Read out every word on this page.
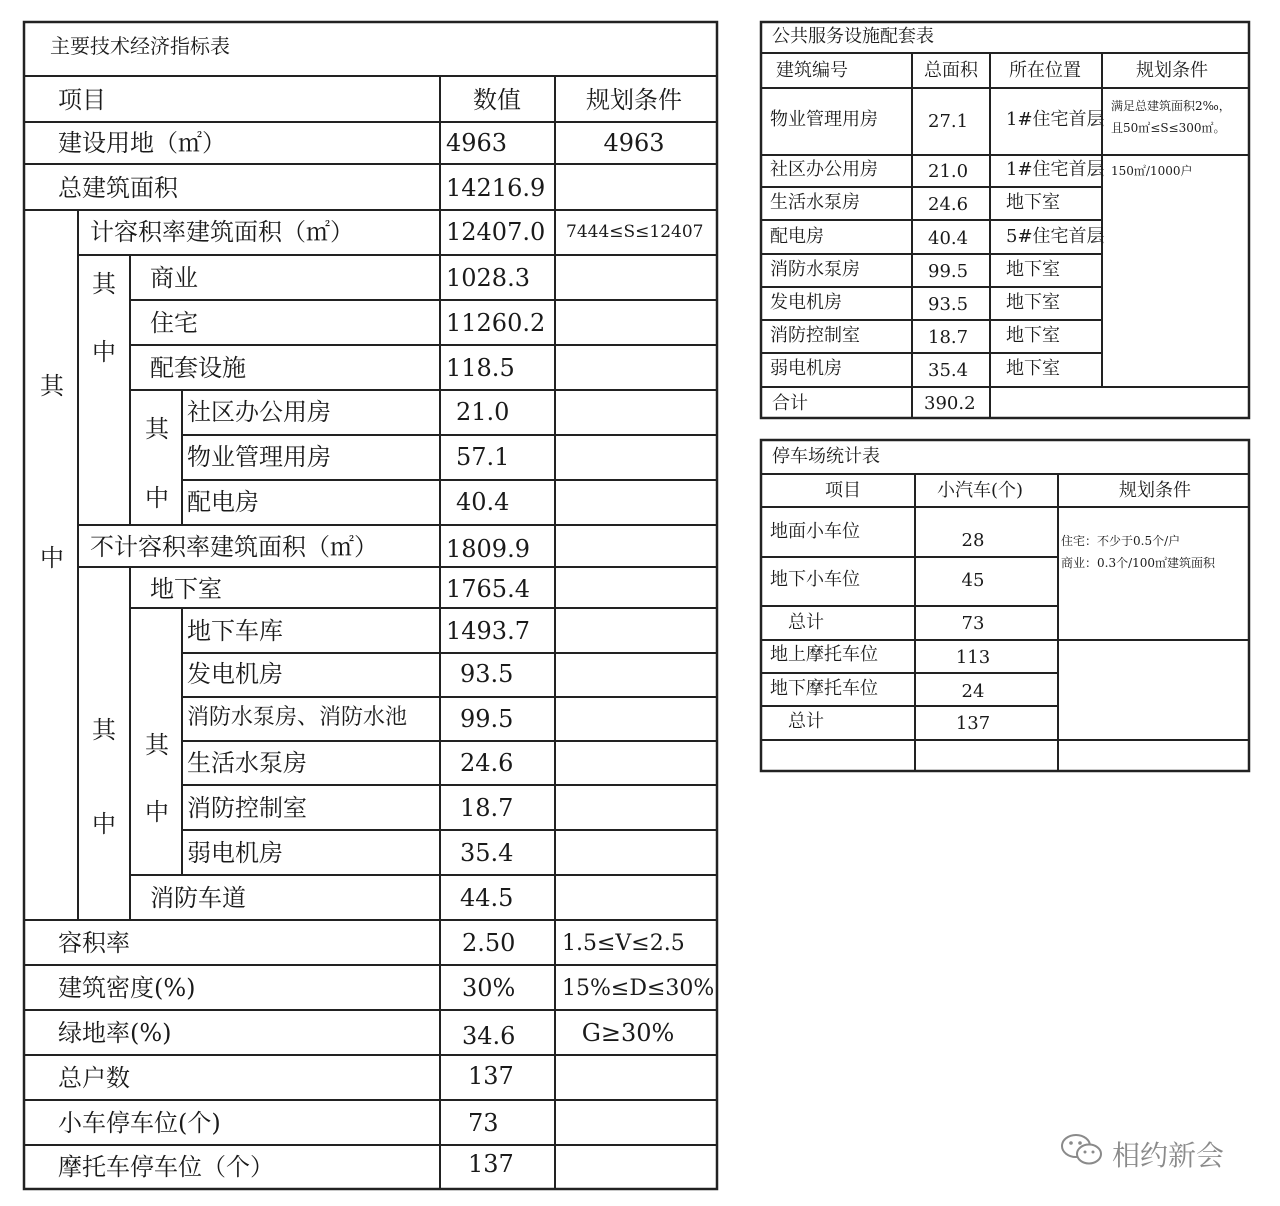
主要技术经济指标表
项目	数值	规划条件
建设用地（㎡）	4963	4963
总建筑面积	14216.9
其
中
计容积率建筑面积（㎡）	12407.0 7444≤S≤12407
其
中
商业	1028.3
住宅	11260.2
配套设施	118.5
其
中
社区办公用房	21.0
物业管理用房	57.1
配电房	40.4
不计容积率建筑面积（㎡）	1809.9
其
中
地下室	1765.4
其
中
地下车库	1493.7
发电机房	93.5
消防水泵房、消防水池 99.5
生活水泵房	24.6
消防控制室	18.7
弱电机房	35.4
消防车道	44.5
容积率	2.50 1.5≤V≤2.5
建筑密度(%)	30% 15%≤D≤30%
绿地率(%)	34.6	G≥30%
总户数	137
小车停车位(个)	73
摩托车停车位（个）	137
公共服务设施配套表
建筑编号	总面积 所在位置	规划条件
物业管理用房	27.1 1#住宅首层
满足总建筑面积2‰，
且50㎡≤S≤300㎡。
社区办公用房	21.0 1#住宅首层 150㎡/1000户
生活水泵房	24.6 地下室
配电房	40.4 5#住宅首层
消防水泵房	99.5 地下室
发电机房	93.5 地下室
消防控制室	18.7 地下室
弱电机房	35.4 地下室
合计	390.2
停车场统计表
项目	小汽车(个)	规划条件
地面小车位	28
地下小车位	45
总计	73
地上摩托车位	113
地下摩托车位	24
总计	137
住宅：不少于0.5个/户
商业：0.3个/100㎡建筑面积
相约新会
